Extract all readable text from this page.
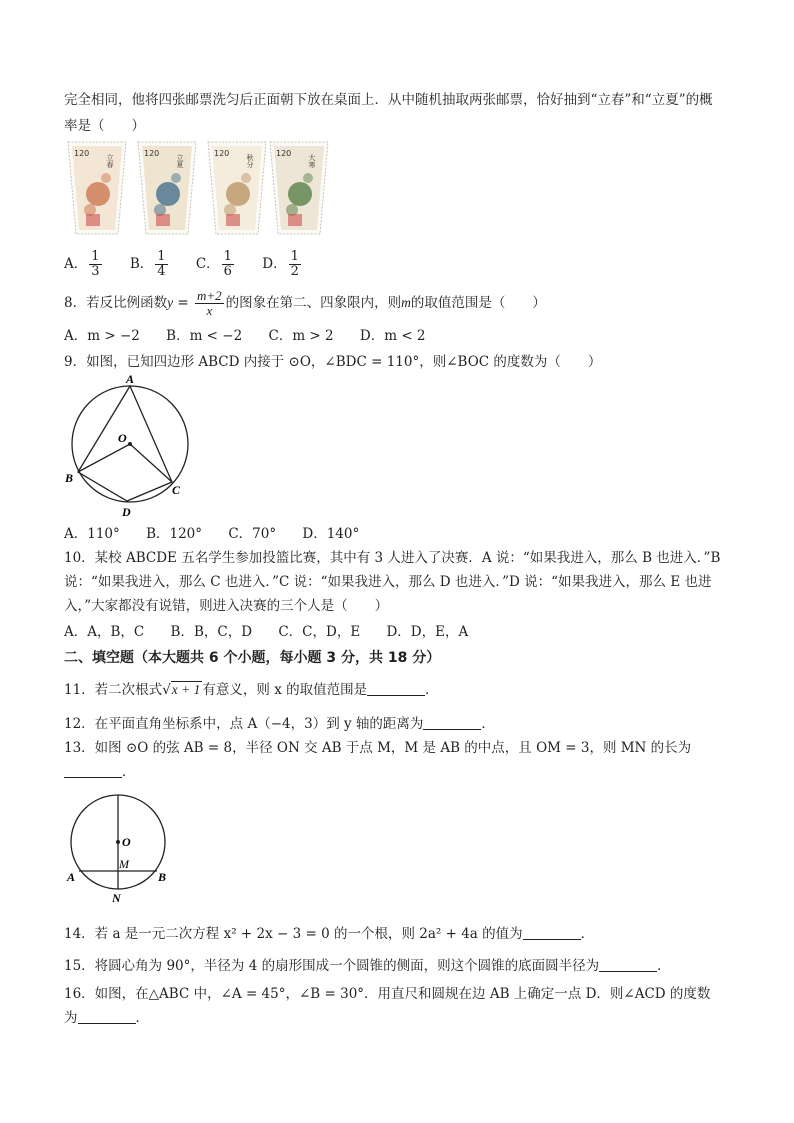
完全相同，他将四张邮票洗匀后正面朝下放在桌面上．从中随机抽取两张邮票，恰好抽到“立春”和“立夏”的概
率是（　　）
120
立春
120
立夏
120
秋分
120
大寒
A． $\frac{1}{3}$ B． $\frac{1}{4}$ C． $\frac{1}{6}$ D． $\frac{1}{2}$
8．若反比例函数$y = \frac{m+2}{x}$ 的图象在第二、四象限内，则m的取值范围是（　　）
A．m > −2 B．m < −2 C．m > 2 D．m < 2
9．如图，已知四边形 ABCD 内接于 ⊙O，∠BDC = 110°，则∠BOC 的度数为（　　）
A
O
B
C
D
A．110° B．120° C．70° D．140°
10．某校 ABCDE 五名学生参加投篮比赛，其中有 3 人进入了决赛．A 说：“如果我进入，那么 B 也进入．”B
说：“如果我进入，那么 C 也进入．”C 说：“如果我进入，那么 D 也进入．”D 说：“如果我进入，那么 E 也进
入，”大家都没有说错，则进入决赛的三个人是（　　）
A．A，B，C B．B，C，D C．C，D，E D．D，E，A
二、填空题（本大题共 6 个小题，每小题 3 分，共 18 分）
11．若二次根式√x + 1 有意义，则 x 的取值范围是	．
12．在平面直角坐标系中，点 A（−4，3）到 y 轴的距离为	．
13．如图 ⊙O 的弦 AB = 8，半径 ON 交 AB 于点 M，M 是 AB 的中点，且 OM = 3，则 MN 的长为
．
O
M
A	B
N
14．若 a 是一元二次方程 x² + 2x − 3 = 0 的一个根，则 2a² + 4a 的值为	．
15．将圆心角为 90°，半径为 4 的扇形围成一个圆锥的侧面，则这个圆锥的底面圆半径为	．
16．如图，在△ABC 中，∠A = 45°，∠B = 30°．用直尺和圆规在边 AB 上确定一点 D．则∠ACD 的度数
为	．
